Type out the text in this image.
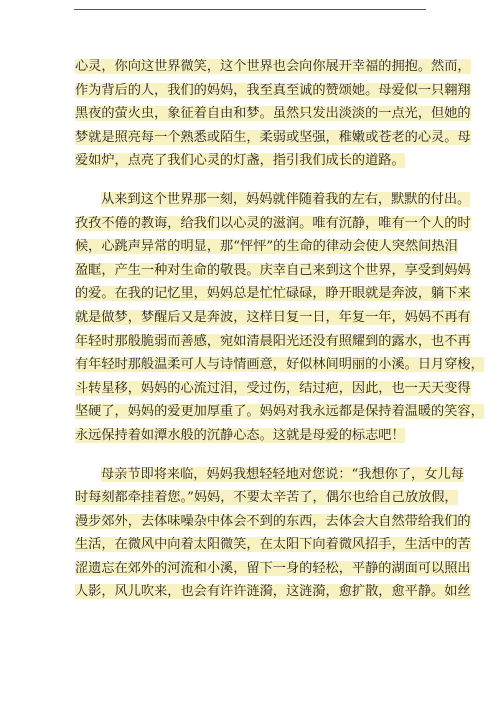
心灵，你向这世界微笑，这个世界也会向你展开幸福的拥抱。然而，
作为背后的人，我们的妈妈，我至真至诚的赞颂她。母爱似一只翱翔
黑夜的萤火虫，象征着自由和梦。虽然只发出淡淡的一点光，但她的
梦就是照亮每一个熟悉或陌生，柔弱或坚强，稚嫩或苍老的心灵。母
爱如炉，点亮了我们心灵的灯盏，指引我们成长的道路。

从来到这个世界那一刻，妈妈就伴随着我的左右，默默的付出。
孜孜不倦的教诲，给我们以心灵的滋润。唯有沉静，唯有一个人的时
候，心跳声异常的明显，那“怦怦”的生命的律动会使人突然间热泪
盈眶，产生一种对生命的敬畏。庆幸自己来到这个世界，享受到妈妈
的爱。在我的记忆里，妈妈总是忙忙碌碌，睁开眼就是奔波，躺下来
就是做梦，梦醒后又是奔波，这样日复一日，年复一年，妈妈不再有
年轻时那般脆弱而善感，宛如清晨阳光还没有照耀到的露水，也不再
有年轻时那般温柔可人与诗情画意，好似林间明丽的小溪。日月穿梭，
斗转星移，妈妈的心流过泪，受过伤，结过疤，因此，也一天天变得
坚硬了，妈妈的爱更加厚重了。妈妈对我永远都是保持着温暖的笑容，
永远保持着如潭水般的沉静心态。这就是母爱的标志吧！

母亲节即将来临，妈妈我想轻轻地对您说：“我想你了，女儿每
时每刻都牵挂着您。”妈妈，不要太辛苦了，偶尔也给自己放放假，
漫步郊外，去体味噪杂中体会不到的东西，去体会大自然带给我们的
生活，在微风中向着太阳微笑，在太阳下向着微风招手，生活中的苦
涩遗忘在郊外的河流和小溪，留下一身的轻松，平静的湖面可以照出
人影，风儿吹来，也会有许许涟漪，这涟漪，愈扩散，愈平静。如丝
